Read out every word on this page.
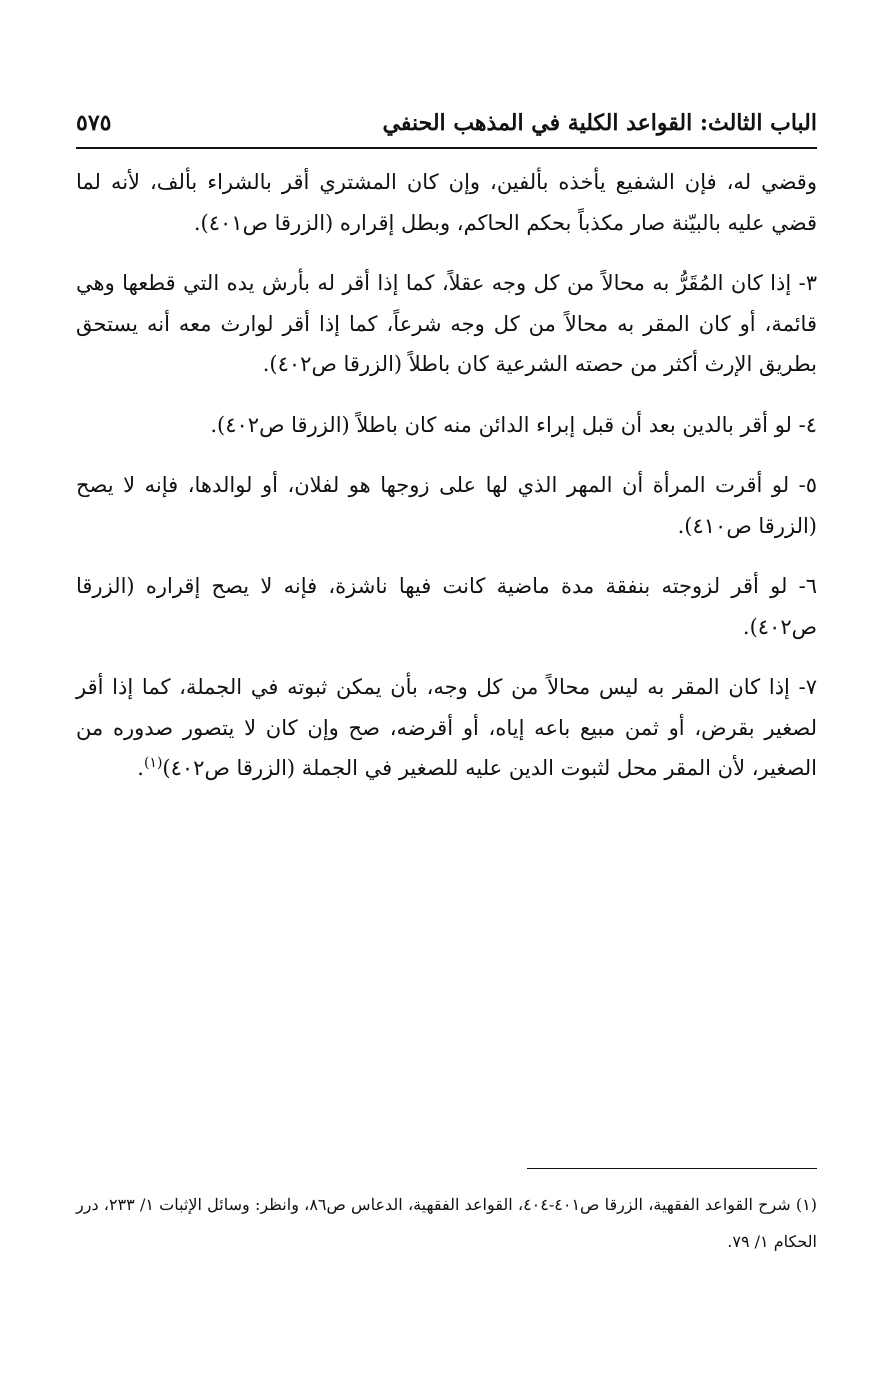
الباب الثالث: القواعد الكلية في المذهب الحنفي
٥٧٥

وقضي له، فإن الشفيع يأخذه بألفين، وإن كان المشتري أقر بالشراء بألف، لأنه لما قضي عليه بالبيّنة صار مكذباً بحكم الحاكم، وبطل إقراره (الزرقا ص٤٠١).

٣- إذا كان المُقَرُّ به محالاً من كل وجه عقلاً، كما إذا أقر له بأرش يده التي قطعها وهي قائمة، أو كان المقر به محالاً من كل وجه شرعاً، كما إذا أقر لوارث معه أنه يستحق بطريق الإرث أكثر من حصته الشرعية كان باطلاً (الزرقا ص٤٠٢).

٤- لو أقر بالدين بعد أن قبل إبراء الدائن منه كان باطلاً (الزرقا ص٤٠٢).

٥- لو أقرت المرأة أن المهر الذي لها على زوجها هو لفلان، أو لوالدها، فإنه لا يصح (الزرقا ص٤١٠).

٦- لو أقر لزوجته بنفقة مدة ماضية كانت فيها ناشزة، فإنه لا يصح إقراره (الزرقا ص٤٠٢).

٧- إذا كان المقر به ليس محالاً من كل وجه، بأن يمكن ثبوته في الجملة، كما إذا أقر لصغير بقرض، أو ثمن مبيع باعه إياه، أو أقرضه، صح وإن كان لا يتصور صدوره من الصغير، لأن المقر محل لثبوت الدين عليه للصغير في الجملة (الزرقا ص٤٠٢)$^{(١)}$.

(١) شرح القواعد الفقهية، الزرقا ص٤٠١-٤٠٤، القواعد الفقهية، الدعاس ص٨٦، وانظر: وسائل الإثبات ١/ ٢٣٣، درر الحكام ١/ ٧٩.
